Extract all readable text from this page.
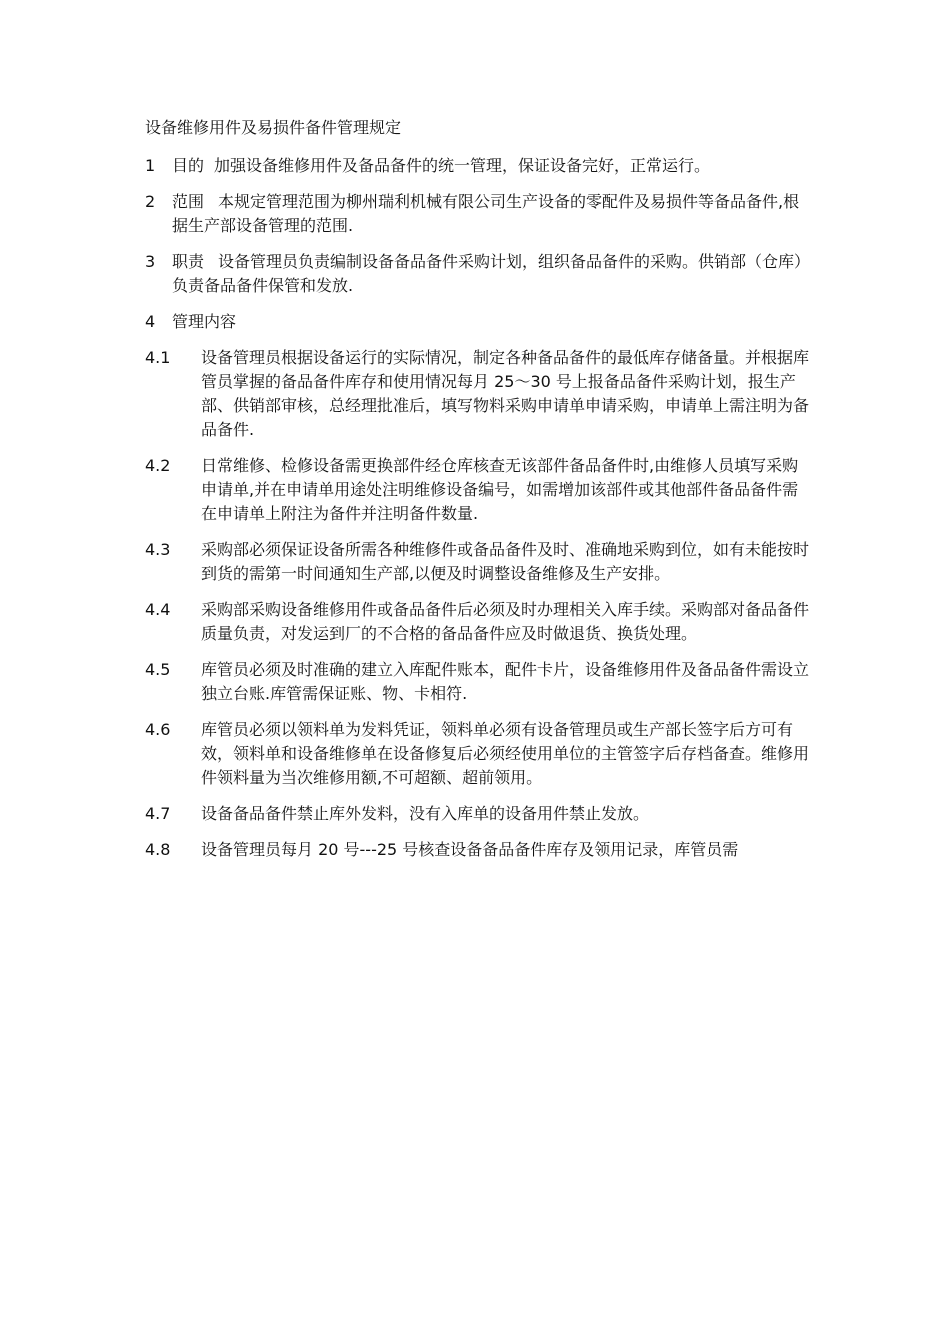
设备维修用件及易损件备件管理规定
1	目的 加强设备维修用件及备品备件的统一管理，保证设备完好，正常运行。
2	范围 本规定管理范围为柳州瑞利机械有限公司生产设备的零配件及易损件等备品备件,根据生产部设备管理的范围.
3	职责 设备管理员负责编制设备备品备件采购计划，组织备品备件的采购。供销部（仓库）负责备品备件保管和发放.
4	管理内容
4.1	设备管理员根据设备运行的实际情况，制定各种备品备件的最低库存储备量。并根据库管员掌握的备品备件库存和使用情况每月 25～30 号上报备品备件采购计划，报生产部、供销部审核，总经理批准后，填写物料采购申请单申请采购，申请单上需注明为备品备件.
4.2	日常维修、检修设备需更换部件经仓库核查无该部件备品备件时,由维修人员填写采购申请单,并在申请单用途处注明维修设备编号，如需增加该部件或其他部件备品备件需在申请单上附注为备件并注明备件数量.
4.3	采购部必须保证设备所需各种维修件或备品备件及时、准确地采购到位，如有未能按时到货的需第一时间通知生产部,以便及时调整设备维修及生产安排。
4.4	采购部采购设备维修用件或备品备件后必须及时办理相关入库手续。采购部对备品备件质量负责，对发运到厂的不合格的备品备件应及时做退货、换货处理。
4.5	库管员必须及时准确的建立入库配件账本，配件卡片，设备维修用件及备品备件需设立独立台账.库管需保证账、物、卡相符.
4.6	库管员必须以领料单为发料凭证，领料单必须有设备管理员或生产部长签字后方可有效，领料单和设备维修单在设备修复后必须经使用单位的主管签字后存档备查。维修用件领料量为当次维修用额,不可超额、超前领用。
4.7	设备备品备件禁止库外发料，没有入库单的设备用件禁止发放。
4.8	设备管理员每月 20 号---25 号核查设备备品备件库存及领用记录，库管员需
